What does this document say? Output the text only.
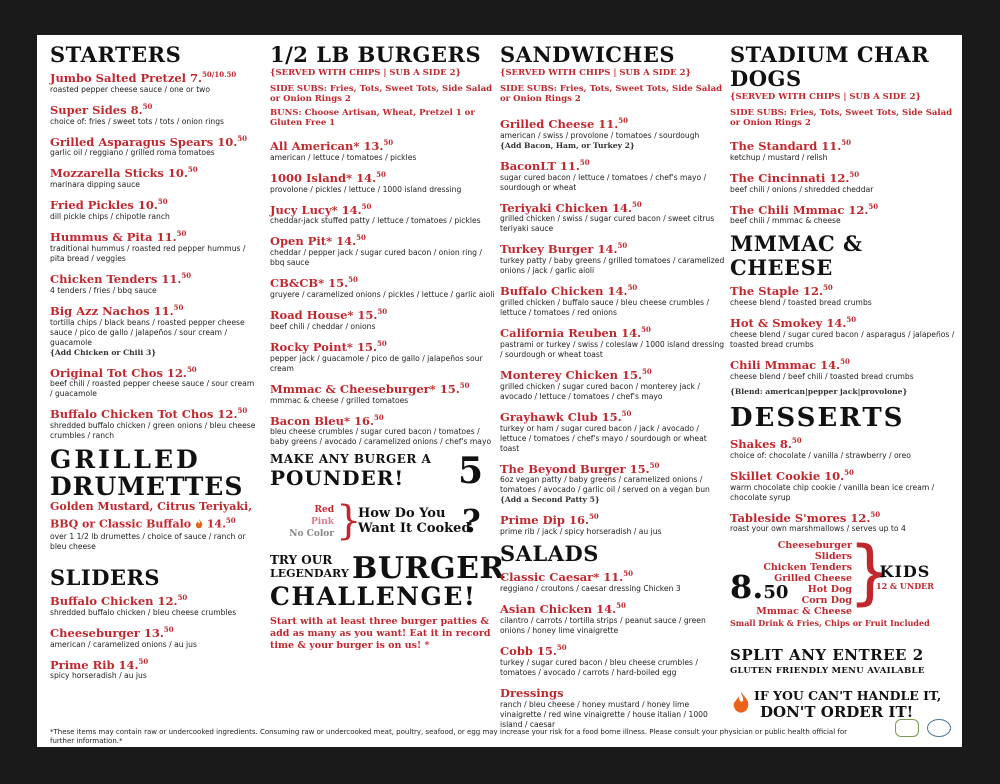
STARTERS
Jumbo Salted Pretzel 7.$^{50/10.50}$
roasted pepper cheese sauce / one or two
Super Sides 8.50
choice of: fries / sweet tots / tots / onion rings
Grilled Asparagus Spears 10.50
garlic oil / reggiano / grilled roma tomatoes
Mozzarella Sticks 10.50
marinara dipping sauce
Fried Pickles 10.50
dill pickle chips / chipotle ranch
Hummus & Pita 11.50
traditional hummus / roasted red pepper hummus / pita bread / veggies
Chicken Tenders 11.50
4 tenders / fries / bbq sauce
Big Azz Nachos 11.50
tortilla chips / black beans / roasted pepper cheese sauce / pico de gallo / jalapeños / sour cream / guacamole
{Add Chicken or Chili 3}
Original Tot Chos 12.50
beef chili / roasted pepper cheese sauce / sour cream / guacamole
Buffalo Chicken Tot Chos 12.50
shredded buffalo chicken / green onions / bleu cheese crumbles / ranch
GRILLED
DRUMETTES
Golden Mustard, Citrus Teriyaki, BBQ or Classic Buffalo 14.50
over 1 1/2 lb drumettes / choice of sauce / ranch or bleu cheese
SLIDERS
Buffalo Chicken 12.50
shredded buffalo chicken / bleu cheese crumbles
Cheeseburger 13.50
american / caramelized onions / au jus
Prime Rib 14.50
spicy horseradish / au jus
1/2 LB BURGERS
{SERVED WITH CHIPS | SUB A SIDE 2}
SIDE SUBS: Fries, Tots, Sweet Tots, Side Salad or Onion Rings 2
BUNS: Choose Artisan, Wheat, Pretzel 1 or Gluten Free 1
All American* 13.50
american / lettuce / tomatoes / pickles
1000 Island* 14.50
provolone / pickles / lettuce / 1000 island dressing
Jucy Lucy* 14.50
cheddar-jack stuffed patty / lettuce / tomatoes / pickles
Open Pit* 14.50
cheddar / pepper jack / sugar cured bacon / onion ring / bbq sauce
CB&CB* 15.50
gruyere / caramelized onions / pickles / lettuce / garlic aioli
Road House* 15.50
beef chili / cheddar / onions
Rocky Point* 15.50
pepper jack / guacamole / pico de gallo / jalapeños sour cream
Mmmac & Cheeseburger* 15.50
mmmac & cheese / grilled tomatoes
Bacon Bleu* 16.50
bleu cheese crumbles / sugar cured bacon / tomatoes / baby greens / avocado / caramelized onions / chef's mayo
MAKE ANY BURGER A
POUNDER!	5
Red
Pink
No Color }
How Do You
Want It Cooked
?
TRY OUR
LEGENDARY BURGER
CHALLENGE!
Start with at least three burger patties & add as many as you want! Eat it in record time & your burger is on us! *
SANDWICHES
{SERVED WITH CHIPS | SUB A SIDE 2}
SIDE SUBS: Fries, Tots, Sweet Tots, Side Salad or Onion Rings 2
Grilled Cheese 11.50
american / swiss / provolone / tomatoes / sourdough
{Add Bacon, Ham, or Turkey 2}
BaconLT 11.50
sugar cured bacon / lettuce / tomatoes / chef's mayo / sourdough or wheat
Teriyaki Chicken 14.50
grilled chicken / swiss / sugar cured bacon / sweet citrus teriyaki sauce
Turkey Burger 14.50
turkey patty / baby greens / grilled tomatoes / caramelized onions / jack / garlic aioli
Buffalo Chicken 14.50
grilled chicken / buffalo sauce / bleu cheese crumbles / lettuce / tomatoes / red onions
California Reuben 14.50
pastrami or turkey / swiss / coleslaw / 1000 island dressing / sourdough or wheat toast
Monterey Chicken 15.50
grilled chicken / sugar cured bacon / monterey jack / avocado / lettuce / tomatoes / chef's mayo
Grayhawk Club 15.50
turkey or ham / sugar cured bacon / jack / avocado / lettuce / tomatoes / chef's mayo / sourdough or wheat toast
The Beyond Burger 15.50
6oz vegan patty / baby greens / caramelized onions / tomatoes / avocado / garlic oil / served on a vegan bun
{Add a Second Patty 5}
Prime Dip 16.50
prime rib / jack / spicy horseradish / au jus
SALADS
Classic Caesar* 11.50
reggiano / croutons / caesar dressing Chicken 3
Asian Chicken 14.50
cilantro / carrots / tortilla strips / peanut sauce / green onions / honey lime vinaigrette
Cobb 15.50
turkey / sugar cured bacon / bleu cheese crumbles / tomatoes / avocado / carrots / hard-boiled egg
Dressings
ranch / bleu cheese / honey mustard / honey lime vinaigrette / red wine vinaigrette / house italian / 1000 island / caesar
STADIUM CHAR DOGS
{SERVED WITH CHIPS | SUB A SIDE 2}
SIDE SUBS: Fries, Tots, Sweet Tots, Side Salad or Onion Rings 2
The Standard 11.50
ketchup / mustard / relish
The Cincinnati 12.50
beef chili / onions / shredded cheddar
The Chili Mmmac 12.50
beef chili / mmmac & cheese
MMMAC & CHEESE
The Staple 12.50
cheese blend / toasted bread crumbs
Hot & Smokey 14.50
cheese blend / sugar cured bacon / asparagus / jalapeños / toasted bread crumbs
Chili Mmmac 14.50
cheese blend / beef chili / toasted bread crumbs
{Blend: american|pepper jack|provolone}
DESSERTS
Shakes 8.50
choice of: chocolate / vanilla / strawberry / oreo
Skillet Cookie 10.50
warm chocolate chip cookie / vanilla bean ice cream / chocolate syrup
Tableside S'mores 12.50
roast your own marshmallows / serves up to 4
8.50
Cheeseburger Sliders
Chicken Tenders
Grilled Cheese
Hot Dog
Corn Dog
Mmmac & Cheese
}
KIDS
12 & UNDER
Small Drink & Fries, Chips or Fruit Included
SPLIT ANY ENTREE 2
GLUTEN FRIENDLY MENU AVAILABLE
IF YOU CAN'T HANDLE IT,
DON'T ORDER IT!
*These items may contain raw or undercooked ingredients. Consuming raw or undercooked meat, poultry, seafood, or egg may increase your risk for a food borne illness. Please consult your physician or public health official for further information.*
